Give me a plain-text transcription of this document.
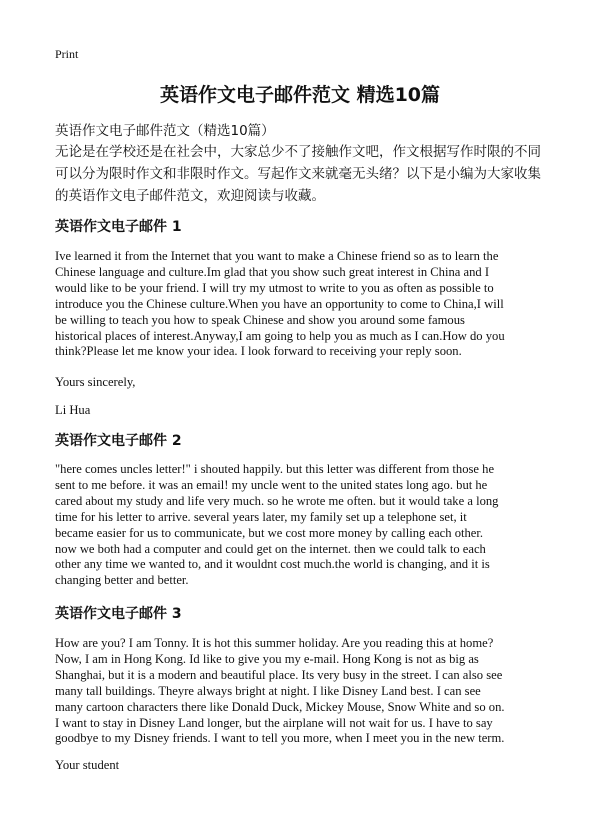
Print
英语作文电子邮件范文 精选10篇
英语作文电子邮件范文（精选10篇）
无论是在学校还是在社会中，大家总少不了接触作文吧，作文根据写作时限的不同
可以分为限时作文和非限时作文。写起作文来就毫无头绪？以下是小编为大家收集
的英语作文电子邮件范文，欢迎阅读与收藏。
英语作文电子邮件 1
Ive learned it from the Internet that you want to make a Chinese friend so as to learn the
Chinese language and culture.Im glad that you show such great interest in China and I
would like to be your friend. I will try my utmost to write to you as often as possible to
introduce you the Chinese culture.When you have an opportunity to come to China,I will
be willing to teach you how to speak Chinese and show you around some famous
historical places of interest.Anyway,I am going to help you as much as I can.How do you
think?Please let me know your idea. I look forward to receiving your reply soon.
Yours sincerely,
Li Hua
英语作文电子邮件 2
"here comes uncles letter!" i shouted happily. but this letter was different from those he
sent to me before. it was an email! my uncle went to the united states long ago. but he
cared about my study and life very much. so he wrote me often. but it would take a long
time for his letter to arrive. several years later, my family set up a telephone set, it
became easier for us to communicate, but we cost more money by calling each other.
now we both had a computer and could get on the internet. then we could talk to each
other any time we wanted to, and it wouldnt cost much.the world is changing, and it is
changing better and better.
英语作文电子邮件 3
How are you? I am Tonny. It is hot this summer holiday. Are you reading this at home?
Now, I am in Hong Kong. Id like to give you my e-mail. Hong Kong is not as big as
Shanghai, but it is a modern and beautiful place. Its very busy in the street. I can also see
many tall buildings. Theyre always bright at night. I like Disney Land best. I can see
many cartoon characters there like Donald Duck, Mickey Mouse, Snow White and so on.
I want to stay in Disney Land longer, but the airplane will not wait for us. I have to say
goodbye to my Disney friends. I want to tell you more, when I meet you in the new term.
Your student
